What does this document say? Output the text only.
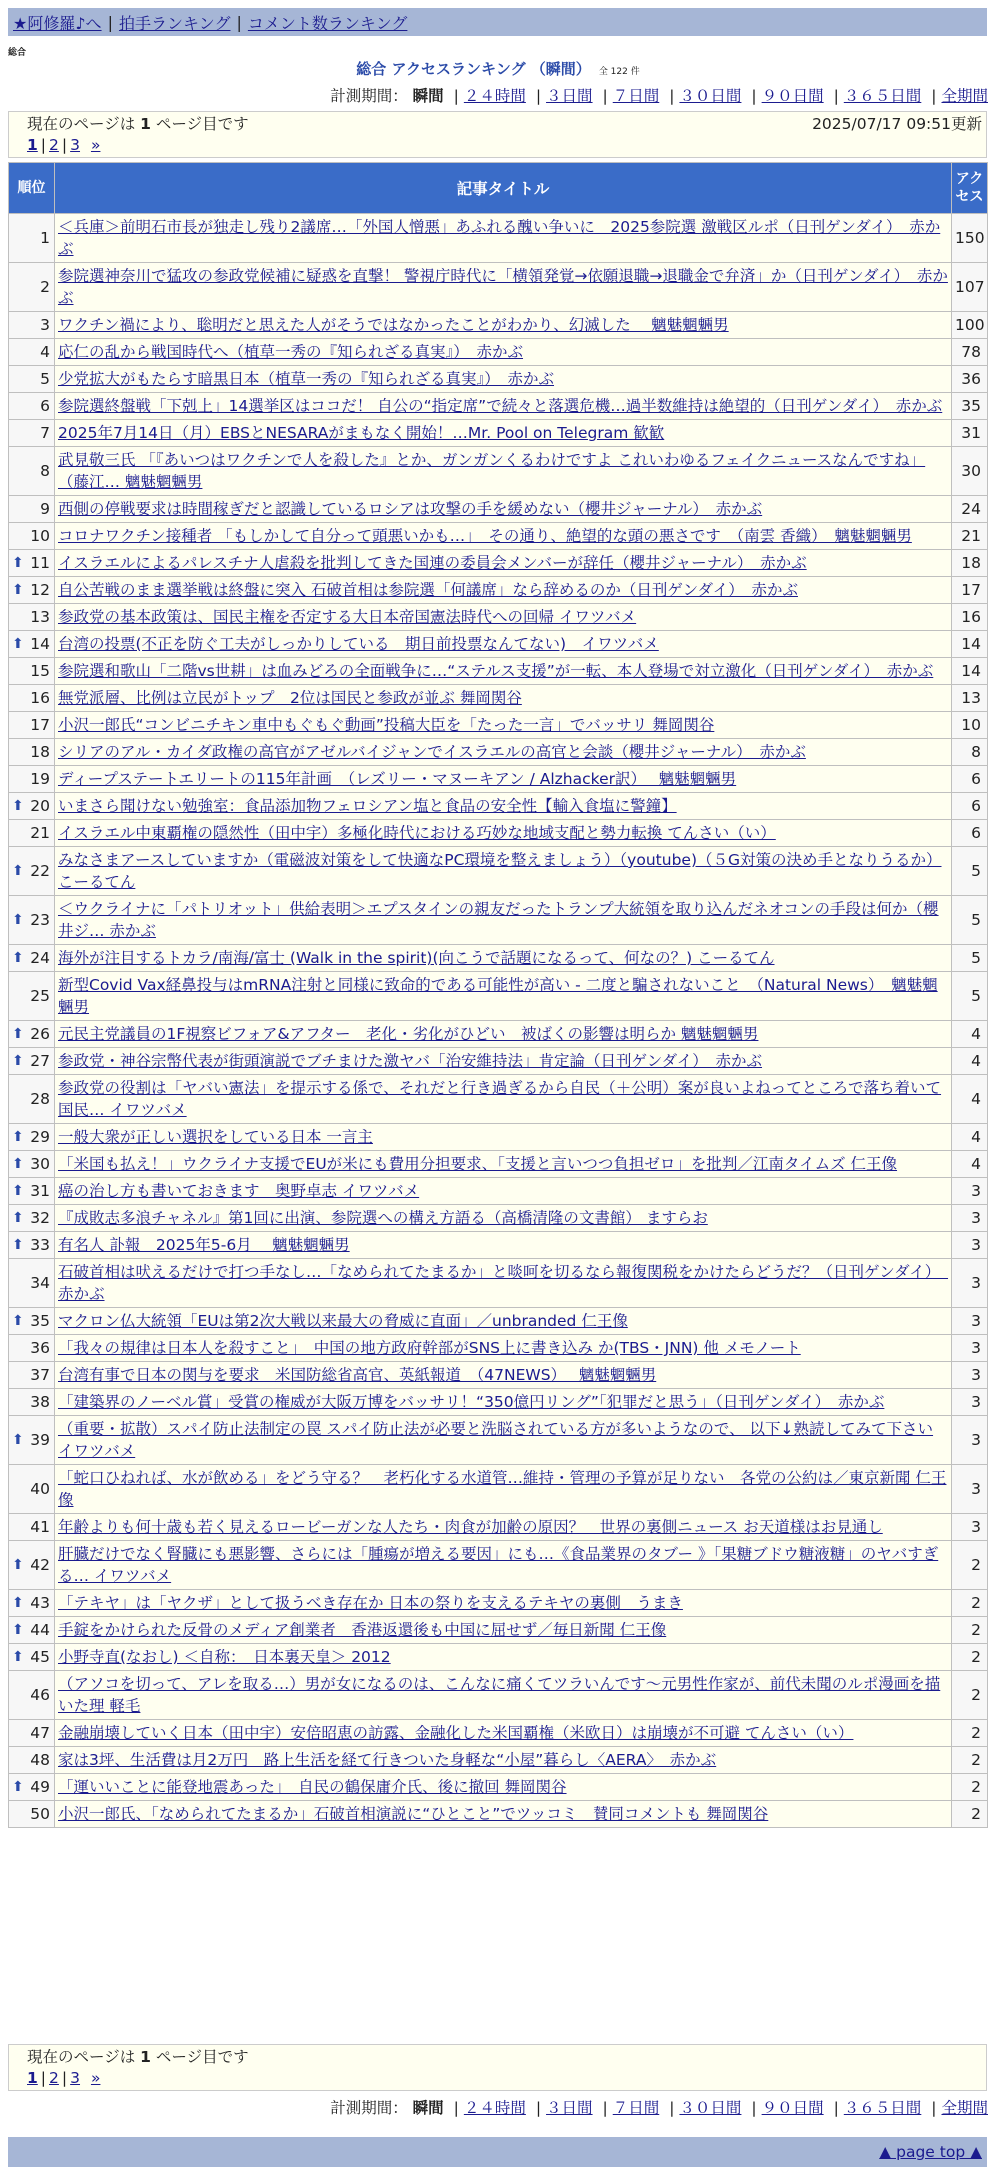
★阿修羅♪へ | 拍手ランキング | コメント数ランキング
総合
総合 アクセスランキング （瞬間） 全 122 件
計測期間： 瞬間 | ２４時間 | ３日間 | ７日間 | ３０日間 | ９０日間 | ３６５日間 | 全期間
現在のページは 1 ページ目です	2025/07/17 09:51更新
1 | 2 | 3 »
順位	記事タイトル	アクセス
1	＜兵庫＞前明石市長が独走し残り2議席…「外国人憎悪」あふれる醜い争いに　2025参院選 激戦区ルポ（日刊ゲンダイ）　赤かぶ	150
2	参院選神奈川で猛攻の参政党候補に疑惑を直撃！ 警視庁時代に「横領発覚→依願退職→退職金で弁済」か（日刊ゲンダイ）　赤かぶ	107
3	ワクチン禍により、聡明だと思えた人がそうではなかったことがわかり、幻滅した　 魑魅魍魎男	100
4	応仁の乱から戦国時代へ（植草一秀の『知られざる真実』）　赤かぶ	78
5	少党拡大がもたらす暗黒日本（植草一秀の『知られざる真実』）　赤かぶ	36
6	参院選終盤戦「下剋上」14選挙区はココだ！ 自公の“指定席”で続々と落選危機…過半数維持は絶望的（日刊ゲンダイ）　赤かぶ	35
7	2025年7月14日（月）EBSとNESARAがまもなく開始！…Mr. Pool on Telegram 歓歓	31
8	武見敬三氏 「『あいつはワクチンで人を殺した』とか、ガンガンくるわけですよ これいわゆるフェイクニュースなんですね」（藤江… 魑魅魍魎男	30
9	西側の停戦要求は時間稼ぎだと認識しているロシアは攻撃の手を緩めない（櫻井ジャーナル）　赤かぶ	24
10	コロナワクチン接種者 「もしかして自分って頭悪いかも…」　その通り、絶望的な頭の悪さです　（南雲 香織）　魑魅魍魎男	21

⬆ 11	イスラエルによるパレスチナ人虐殺を批判してきた国連の委員会メンバーが辞任（櫻井ジャーナル）　赤かぶ	18

⬆ 12	自公苦戦のまま選挙戦は終盤に突入 石破首相は参院選「何議席」なら辞めるのか（日刊ゲンダイ）　赤かぶ	17
13	参政党の基本政策は、国民主権を否定する大日本帝国憲法時代への回帰 イワツバメ	16

⬆ 14	台湾の投票(不正を防ぐ工夫がしっかりしている　期日前投票なんてない)　イワツバメ	14
15	参院選和歌山「二階vs世耕」は血みどろの全面戦争に…“ステルス支援”が一転、本人登場で対立激化（日刊ゲンダイ）　赤かぶ	14
16	無党派層、比例は立民がトップ　2位は国民と参政が並ぶ 舞岡関谷	13
17	小沢一郎氏“コンビニチキン車中もぐもぐ動画”投稿大臣を「たった一言」でバッサリ 舞岡関谷	10
18	シリアのアル・カイダ政権の高官がアゼルバイジャンでイスラエルの高官と会談（櫻井ジャーナル）　赤かぶ	8
19	ディープステートエリートの115年計画　（レズリー・マヌーキアン / Alzhacker訳）　 魑魅魍魎男	6

⬆ 20	いまさら聞けない勉強室：食品添加物フェロシアン塩と食品の安全性【輸入食塩に警鐘】	6
21	イスラエル中東覇権の隠然性（田中宇）多極化時代における巧妙な地域支配と勢力転換 てんさい（い）	6

⬆ 22	みなさまアースしていますか（電磁波対策をして快適なPC環境を整えましょう）（youtube)（５G対策の決め手となりうるか）こーるてん	5

⬆ 23	＜ウクライナに「パトリオット」供給表明＞エプスタインの親友だったトランプ大統領を取り込んだネオコンの手段は何か（櫻井ジ… 赤かぶ	5

⬆ 24	海外が注目するトカラ/南海/富士 (Walk in the spirit)(向こうで話題になるって、何なの？) こーるてん	5
25	新型Covid Vax経鼻投与はmRNA注射と同様に致命的である可能性が高い - 二度と騙されないこと　（Natural News）　魑魅魍魎男	5

⬆ 26	元民主党議員の1F視察ビフォア&アフター　老化・劣化がひどい　被ばくの影響は明らか 魑魅魍魎男	4

⬆ 27	参政党・神谷宗幣代表が街頭演説でブチまけた激ヤバ「治安維持法」肯定論（日刊ゲンダイ）　赤かぶ	4
28	参政党の役割は「ヤバい憲法」を提示する係で、それだと行き過ぎるから自民（＋公明）案が良いよねってところで落ち着いて国民… イワツバメ	4

⬆ 29	一般大衆が正しい選択をしている日本 一言主	4

⬆ 30	「米国も払え！」ウクライナ支援でEUが米にも費用分担要求、「支援と言いつつ負担ゼロ」を批判／江南タイムズ 仁王像	4

⬆ 31	癌の治し方も書いておきます　奥野卓志 イワツバメ	3

⬆ 32	『成敗志多浪チャネル』第1回に出演、参院選への構え方語る（高橋清隆の文書館） ますらお	3

⬆ 33	有名人 訃報　2025年5-6月　 魑魅魍魎男	3
34	石破首相は吠えるだけで打つ手なし…「なめられてたまるか」と啖呵を切るなら報復関税をかけたらどうだ？（日刊ゲンダイ）　赤かぶ	3

⬆ 35	マクロン仏大統領「EUは第2次大戦以来最大の脅威に直面」／unbranded 仁王像	3
36	「我々の規律は日本人を殺すこと」　中国の地方政府幹部がSNS上に書き込み か(TBS・JNN) 他 メモノート	3
37	台湾有事で日本の関与を要求　米国防総省高官、英紙報道　（47NEWS）　 魑魅魍魎男	3
38	「建築界のノーベル賞」受賞の権威が大阪万博をバッサリ！“350億円リング”「犯罪だと思う」（日刊ゲンダイ）　赤かぶ	3

⬆ 39	（重要・拡散）スパイ防止法制定の罠 スパイ防止法が必要と洗脳されている方が多いようなので、 以下↓熟読してみて下さい イワツバメ	3
40	「蛇口ひねれば、水が飲める」をどう守る？　老朽化する水道管…維持・管理の予算が足りない　各党の公約は／東京新聞 仁王像	3
41	年齢よりも何十歳も若く見えるロービーガンな人たち・肉食が加齢の原因？　世界の裏側ニュース お天道様はお見通し	3

⬆ 42	肝臓だけでなく腎臓にも悪影響、さらには「腫瘍が増える要因」にも…《食品業界のタブー 》「果糖ブドウ糖液糖」のヤバすぎる… イワツバメ	2

⬆ 43	「テキヤ」は「ヤクザ」として扱うべき存在か 日本の祭りを支えるテキヤの裏側　うまき	2

⬆ 44	手錠をかけられた反骨のメディア創業者　香港返還後も中国に屈せず／毎日新聞 仁王像	2

⬆ 45	小野寺直(なおし) ＜自称：　日本裏天皇＞ 2012	2
46	（アソコを切って、アレを取る…）男が女になるのは、こんなに痛くてツラいんです〜元男性作家が、前代未聞のルポ漫画を描いた理 軽毛	2
47	金融崩壊していく日本（田中宇）安倍昭恵の訪露、金融化した米国覇権（米欧日）は崩壊が不可避 てんさい（い）	2
48	家は3坪、生活費は月2万円　路上生活を経て行きついた身軽な“小屋”暮らし〈AERA〉　赤かぶ	2

⬆ 49	「運いいことに能登地震あった」　自民の鶴保庸介氏、後に撤回 舞岡関谷	2
50	小沢一郎氏、「なめられてたまるか」石破首相演説に“ひとこと”でツッコミ　賛同コメントも 舞岡関谷	2
現在のページは 1 ページ目です
1 | 2 | 3 »
計測期間： 瞬間 | ２４時間 | ３日間 | ７日間 | ３０日間 | ９０日間 | ３６５日間 | 全期間
▲ page top ▲
